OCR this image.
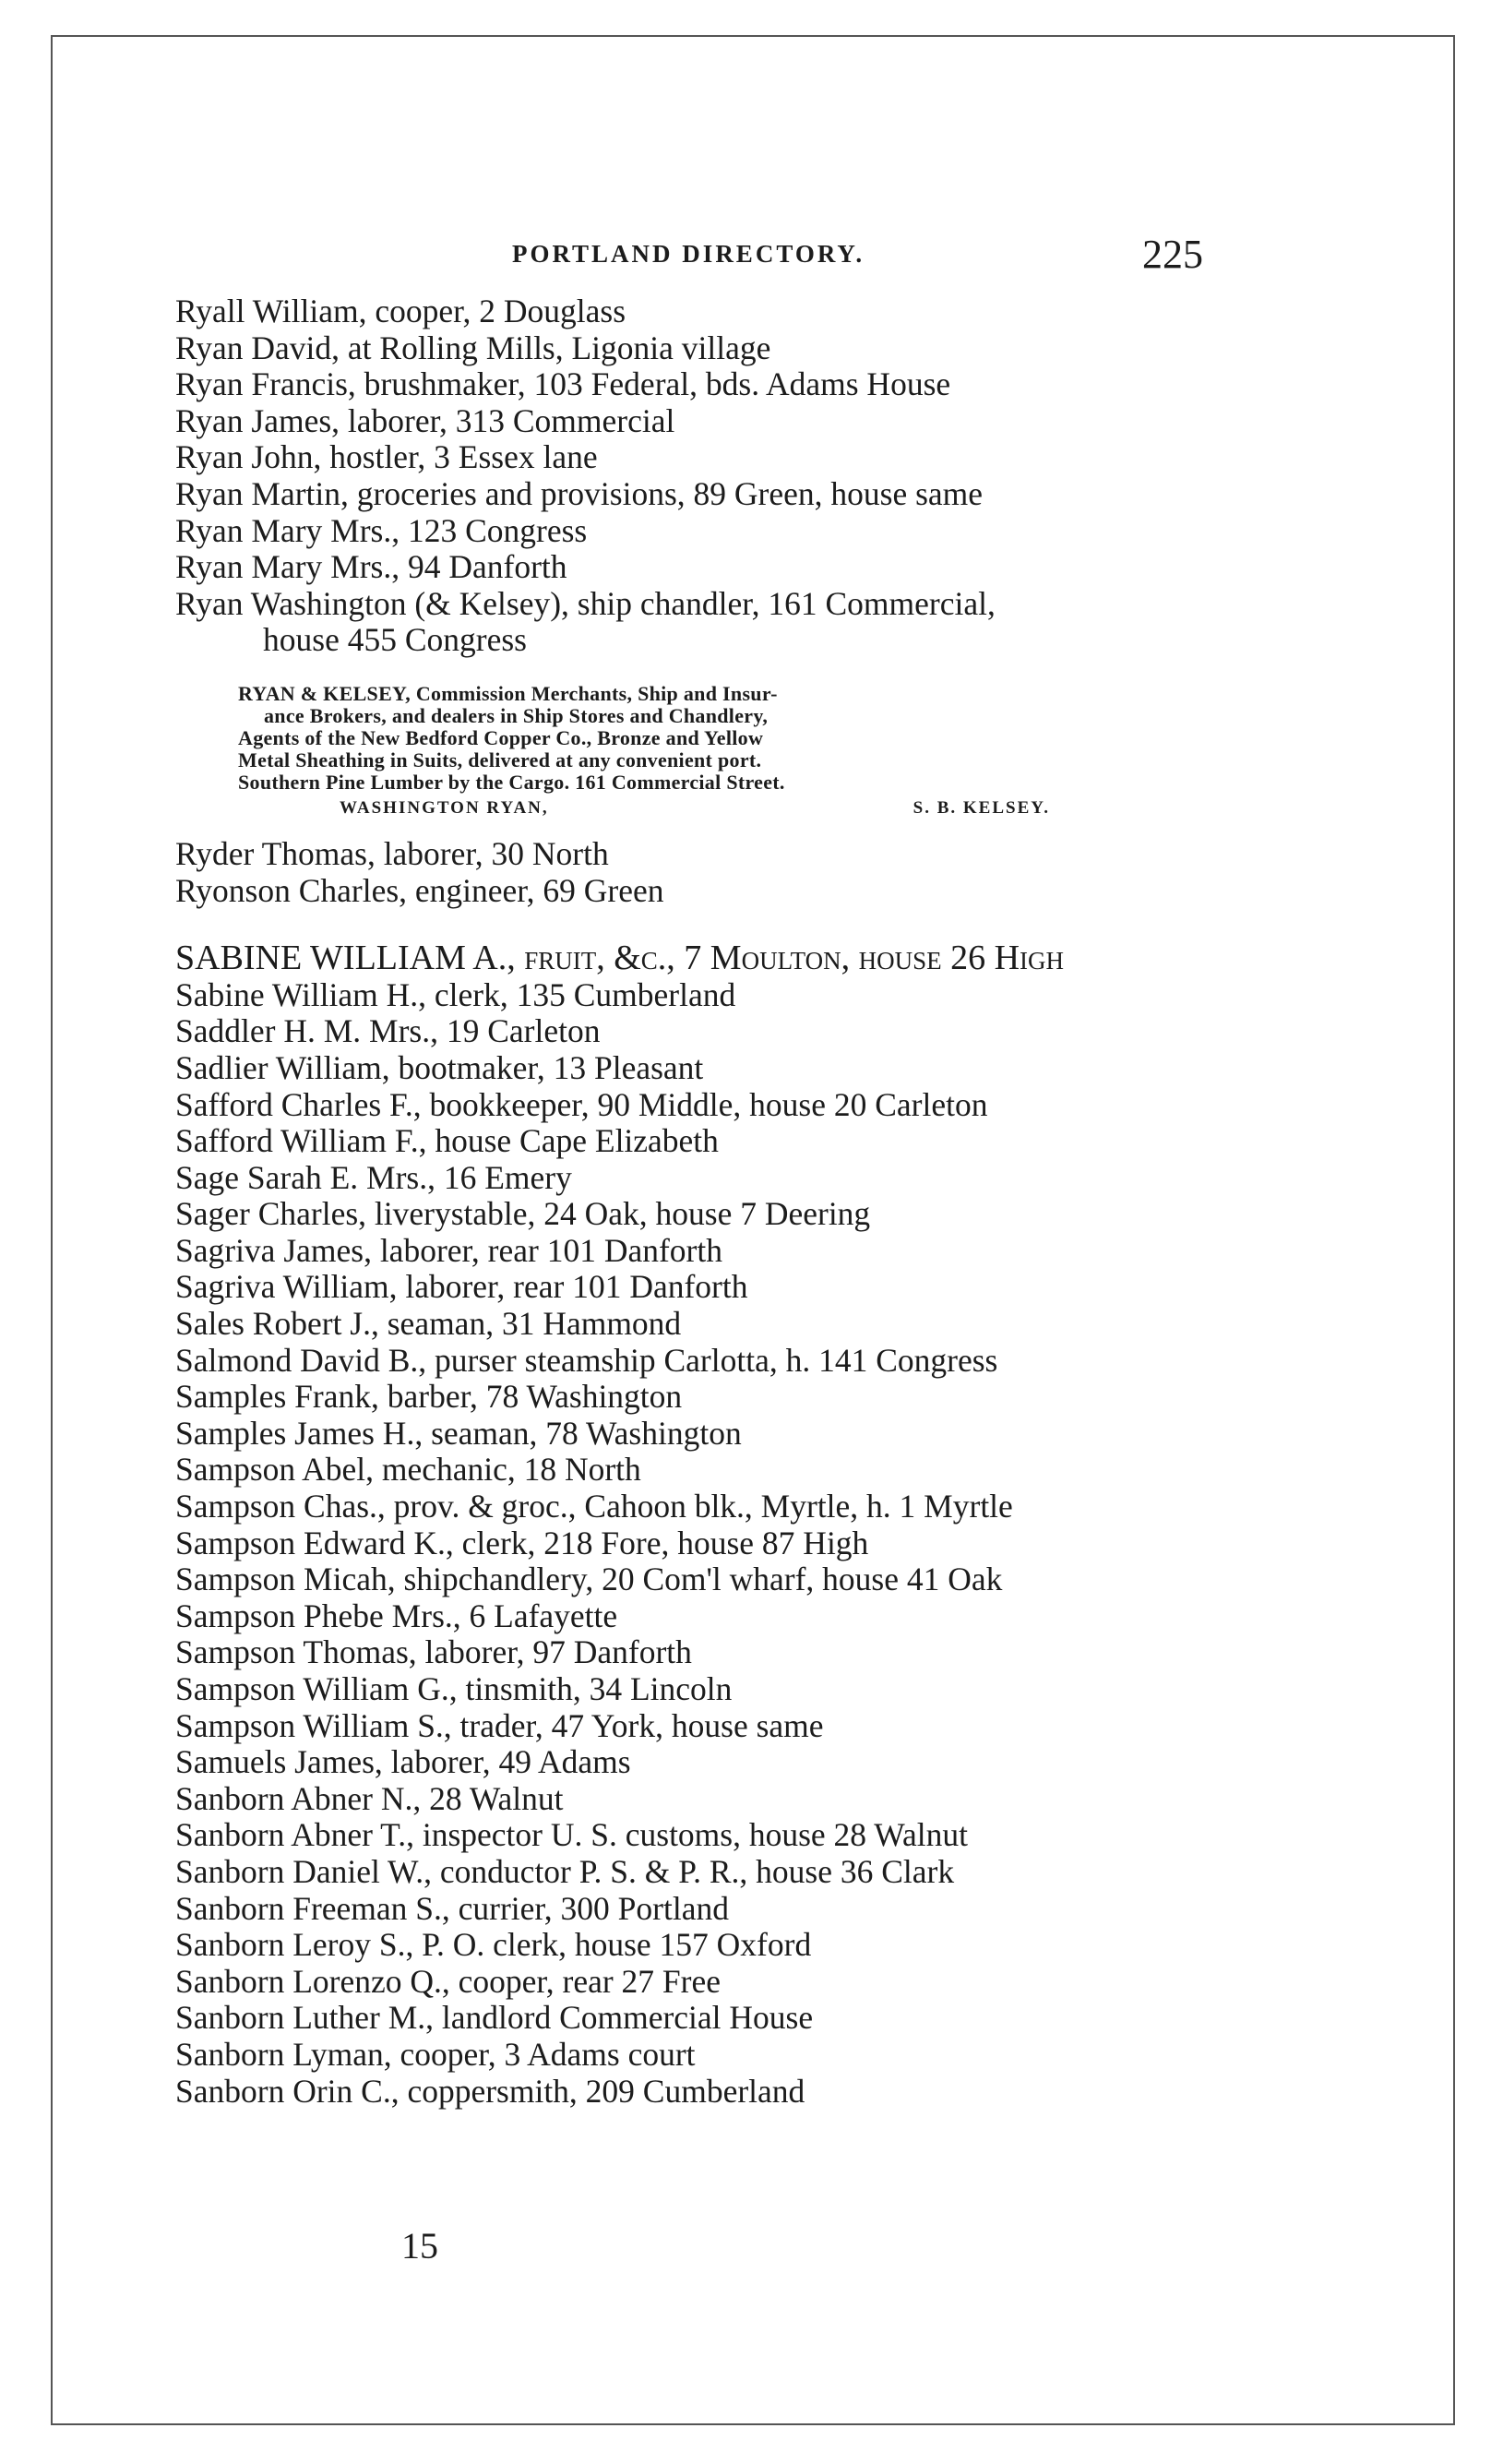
PORTLAND DIRECTORY.	225
Ryall William, cooper, 2 Douglass
Ryan David, at Rolling Mills, Ligonia village
Ryan Francis, brushmaker, 103 Federal, bds. Adams House
Ryan James, laborer, 313 Commercial
Ryan John, hostler, 3 Essex lane
Ryan Martin, groceries and provisions, 89 Green, house same
Ryan Mary Mrs., 123 Congress
Ryan Mary Mrs., 94 Danforth
Ryan Washington (& Kelsey), ship chandler, 161 Commercial,
house 455 Congress
RYAN & KELSEY, Commission Merchants, Ship and Insur-
ance Brokers, and dealers in Ship Stores and Chandlery,
Agents of the New Bedford Copper Co., Bronze and Yellow
Metal Sheathing in Suits, delivered at any convenient port.
Southern Pine Lumber by the Cargo. 161 Commercial Street.
WASHINGTON RYAN,	S. B. KELSEY.
Ryder Thomas, laborer, 30 North
Ryonson Charles, engineer, 69 Green
SABINE WILLIAM A., fruit, &c., 7 Moulton, house 26 High
Sabine William H., clerk, 135 Cumberland
Saddler H. M. Mrs., 19 Carleton
Sadlier William, bootmaker, 13 Pleasant
Safford Charles F., bookkeeper, 90 Middle, house 20 Carleton
Safford William F., house Cape Elizabeth
Sage Sarah E. Mrs., 16 Emery
Sager Charles, liverystable, 24 Oak, house 7 Deering
Sagriva James, laborer, rear 101 Danforth
Sagriva William, laborer, rear 101 Danforth
Sales Robert J., seaman, 31 Hammond
Salmond David B., purser steamship Carlotta, h. 141 Congress
Samples Frank, barber, 78 Washington
Samples James H., seaman, 78 Washington
Sampson Abel, mechanic, 18 North
Sampson Chas., prov. & groc., Cahoon blk., Myrtle, h. 1 Myrtle
Sampson Edward K., clerk, 218 Fore, house 87 High
Sampson Micah, shipchandlery, 20 Com'l wharf, house 41 Oak
Sampson Phebe Mrs., 6 Lafayette
Sampson Thomas, laborer, 97 Danforth
Sampson William G., tinsmith, 34 Lincoln
Sampson William S., trader, 47 York, house same
Samuels James, laborer, 49 Adams
Sanborn Abner N., 28 Walnut
Sanborn Abner T., inspector U. S. customs, house 28 Walnut
Sanborn Daniel W., conductor P. S. & P. R., house 36 Clark
Sanborn Freeman S., currier, 300 Portland
Sanborn Leroy S., P. O. clerk, house 157 Oxford
Sanborn Lorenzo Q., cooper, rear 27 Free
Sanborn Luther M., landlord Commercial House
Sanborn Lyman, cooper, 3 Adams court
Sanborn Orin C., coppersmith, 209 Cumberland
15
